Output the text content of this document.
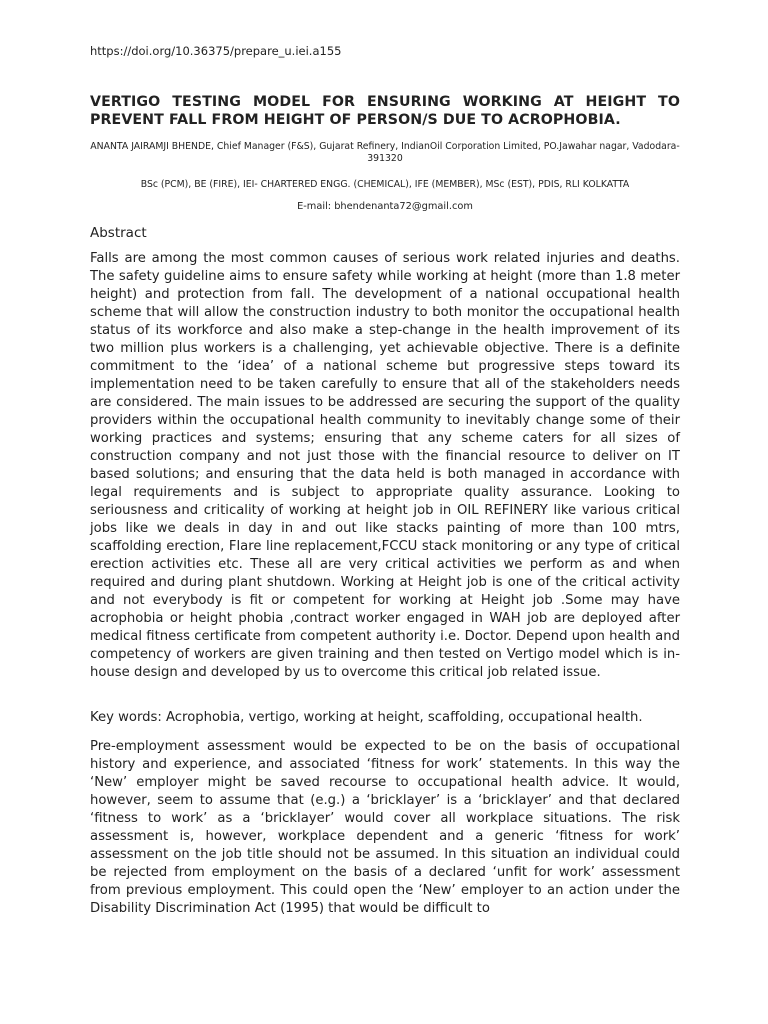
https://doi.org/10.36375/prepare_u.iei.a155
VERTIGO TESTING MODEL FOR ENSURING WORKING AT HEIGHT TO PREVENT FALL FROM HEIGHT OF PERSON/S DUE TO ACROPHOBIA.
ANANTA JAIRAMJI BHENDE, Chief Manager (F&S), Gujarat Refinery, IndianOil Corporation Limited, PO.Jawahar nagar, Vadodara-391320
BSc (PCM), BE (FIRE), IEI- CHARTERED ENGG. (CHEMICAL), IFE (MEMBER), MSc (EST), PDIS, RLI KOLKATTA
E-mail: bhendenanta72@gmail.com
Abstract

Falls are among the most common causes of serious work related injuries and deaths. The safety guideline aims to ensure safety while working at height (more than 1.8 meter height) and protection from fall. The development of a national occupational health scheme that will allow the construction industry to both monitor the occupational health status of its workforce and also make a step-change in the health improvement of its two million plus workers is a challenging, yet achievable objective. There is a definite commitment to the ‘idea’ of a national scheme but progressive steps toward its implementation need to be taken carefully to ensure that all of the stakeholders needs are considered. The main issues to be addressed are securing the support of the quality providers within the occupational health community to inevitably change some of their working practices and systems; ensuring that any scheme caters for all sizes of construction company and not just those with the financial resource to deliver on IT based solutions; and ensuring that the data held is both managed in accordance with legal requirements and is subject to appropriate quality assurance. Looking to seriousness and criticality of working at height job in OIL REFINERY like various critical jobs like we deals in day in and out like stacks painting of more than 100 mtrs, scaffolding erection, Flare line replacement,FCCU stack monitoring or any type of critical erection activities etc. These all are very critical activities we perform as and when required and during plant shutdown. Working at Height job is one of the critical activity and not everybody is fit or competent for working at Height job .Some may have acrophobia or height phobia ,contract worker engaged in WAH job are deployed after medical fitness certificate from competent authority i.e. Doctor. Depend upon health and competency of workers are given training and then tested on Vertigo model which is in-house design and developed by us to overcome this critical job related issue.

Key words: Acrophobia, vertigo, working at height, scaffolding, occupational health.

Pre-employment assessment would be expected to be on the basis of occupational history and experience, and associated ‘fitness for work’ statements. In this way the ‘New’ employer might be saved recourse to occupational health advice. It would, however, seem to assume that (e.g.) a ‘bricklayer’ is a ‘bricklayer’ and that declared ‘fitness to work’ as a ‘bricklayer’ would cover all workplace situations. The risk assessment is, however, workplace dependent and a generic ‘fitness for work’ assessment on the job title should not be assumed. In this situation an individual could be rejected from employment on the basis of a declared ‘unfit for work’ assessment from previous employment. This could open the ‘New’ employer to an action under the Disability Discrimination Act (1995) that would be difficult to
